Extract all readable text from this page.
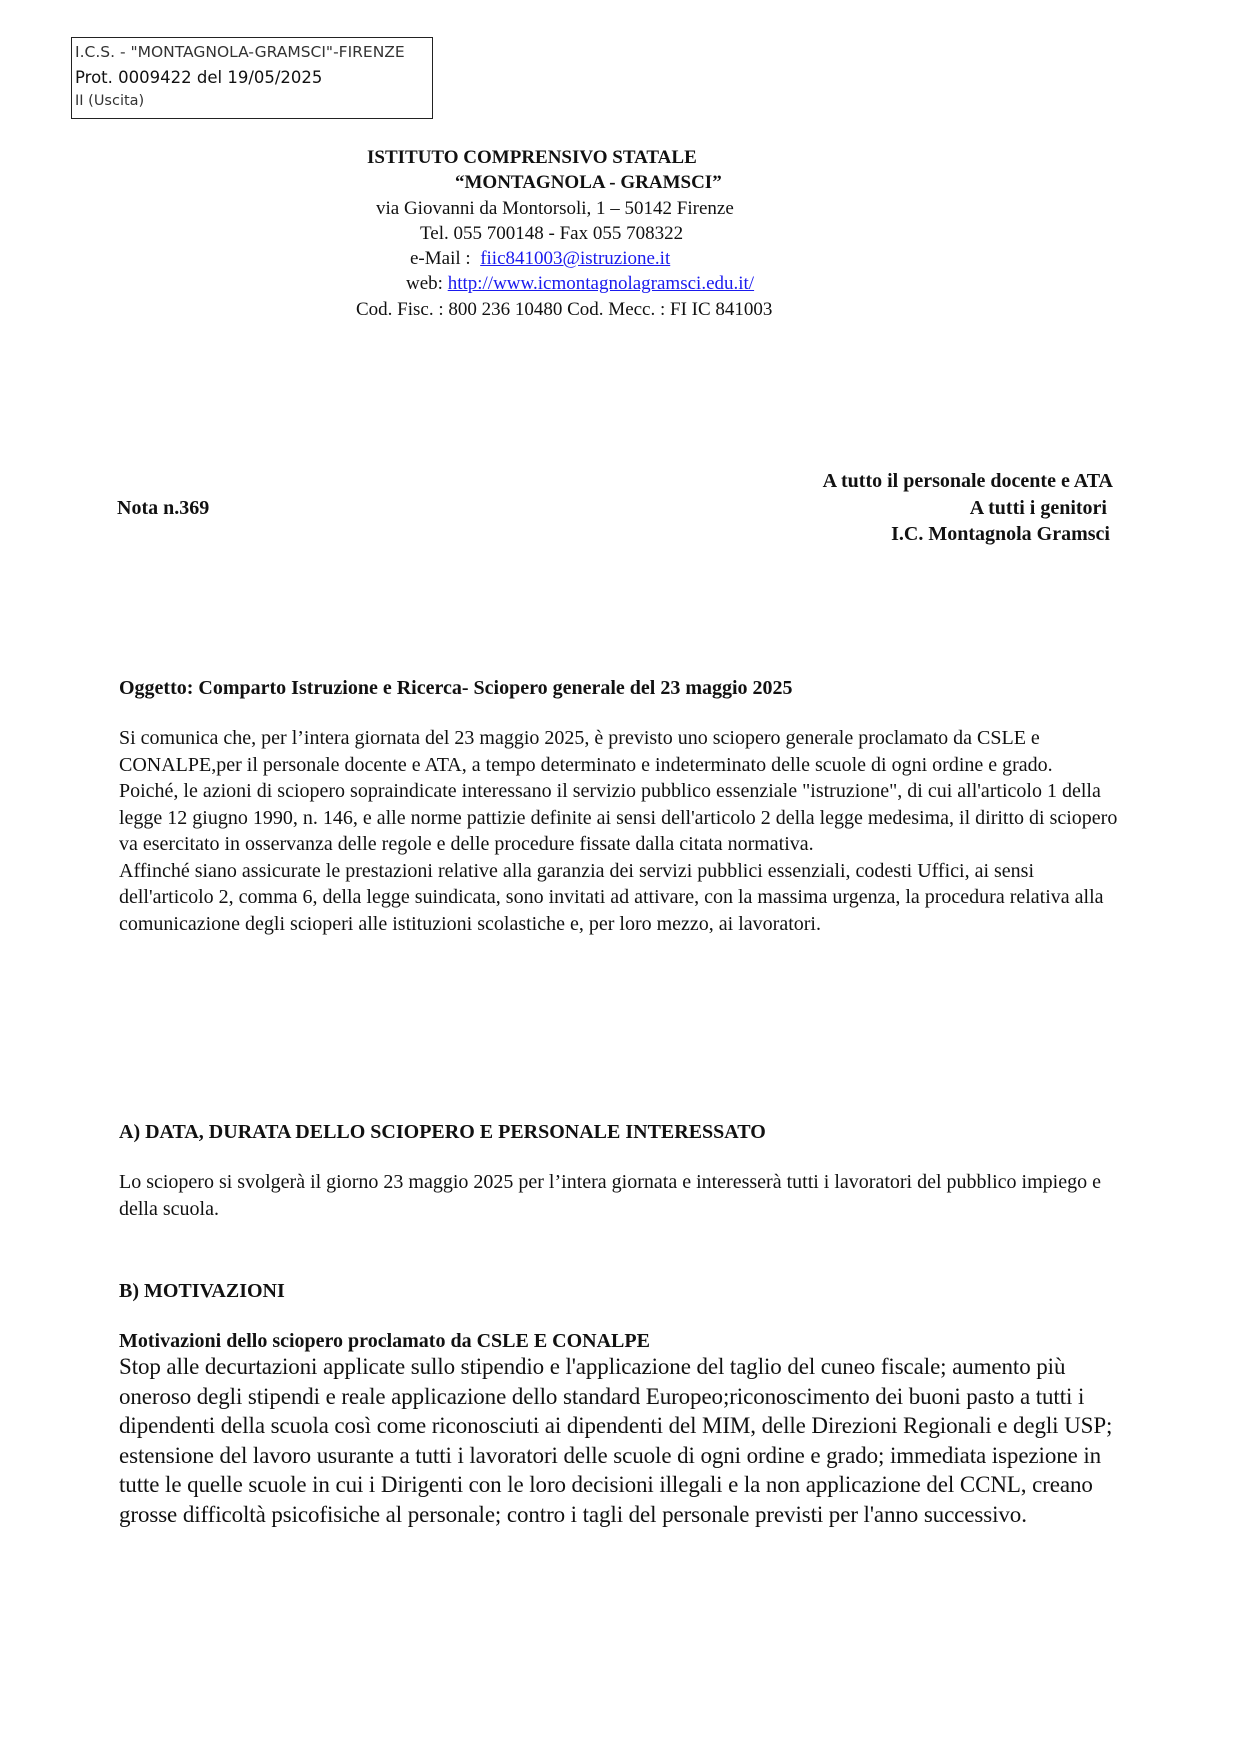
I.C.S. - "MONTAGNOLA-GRAMSCI"-FIRENZE
Prot. 0009422 del 19/05/2025
II (Uscita)
ISTITUTO COMPRENSIVO STATALE
“MONTAGNOLA - GRAMSCI”
via Giovanni da Montorsoli, 1 – 50142 Firenze
Tel. 055 700148 - Fax 055 708322
e-Mail : fiic841003@istruzione.it
web: http://www.icmontagnolagramsci.edu.it/
Cod. Fisc. : 800 236 10480 Cod. Mecc. : FI IC 841003
Nota n.369
A tutto il personale docente e ATA
A tutti i genitori
I.C. Montagnola Gramsci
Oggetto: Comparto Istruzione e Ricerca- Sciopero generale del 23 maggio 2025

Si comunica che, per l’intera giornata del 23 maggio 2025, è previsto uno sciopero generale proclamato da CSLE e CONALPE,per il personale docente e ATA, a tempo determinato e indeterminato delle scuole di ogni ordine e grado.

Poiché, le azioni di sciopero sopraindicate interessano il servizio pubblico essenziale "istruzione", di cui all'articolo 1 della legge 12 giugno 1990, n. 146, e alle norme pattizie definite ai sensi dell'articolo 2 della legge medesima, il diritto di sciopero va esercitato in osservanza delle regole e delle procedure fissate dalla citata normativa.

Affinché siano assicurate le prestazioni relative alla garanzia dei servizi pubblici essenziali, codesti Uffici, ai sensi dell'articolo 2, comma 6, della legge suindicata, sono invitati ad attivare, con la massima urgenza, la procedura relativa alla comunicazione degli scioperi alle istituzioni scolastiche e, per loro mezzo, ai lavoratori.

A) DATA, DURATA DELLO SCIOPERO E PERSONALE INTERESSATO
Lo sciopero si svolgerà il giorno 23 maggio 2025 per l’intera giornata e interesserà tutti i lavoratori del pubblico impiego e della scuola.
B) MOTIVAZIONI
Motivazioni dello sciopero proclamato da CSLE E CONALPE
Stop alle decurtazioni applicate sullo stipendio e l'applicazione del taglio del cuneo fiscale; aumento più oneroso degli stipendi e reale applicazione dello standard Europeo;riconoscimento dei buoni pasto a tutti i dipendenti della scuola così come riconosciuti ai dipendenti del MIM, delle Direzioni Regionali e degli USP; estensione del lavoro usurante a tutti i lavoratori delle scuole di ogni ordine e grado; immediata ispezione in tutte le quelle scuole in cui i Dirigenti con le loro decisioni illegali e la non applicazione del CCNL, creano grosse difficoltà psicofisiche al personale; contro i tagli del personale previsti per l'anno successivo.
